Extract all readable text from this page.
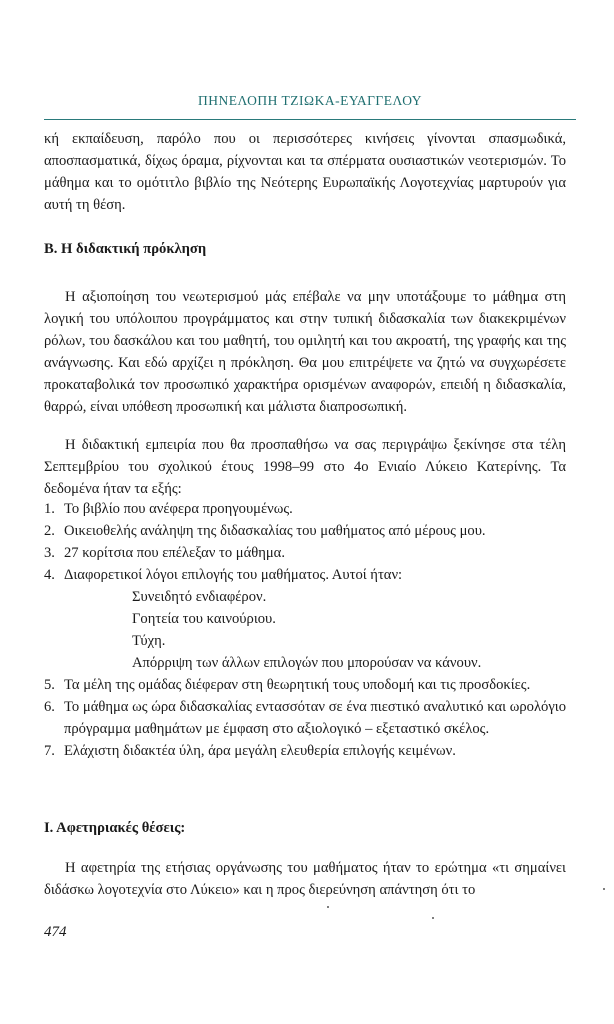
ΠΗΝΕΛΟΠΗ ΤΖΙΩΚΑ-ΕΥΑΓΓΕΛΟΥ

κή εκπαίδευση, παρόλο που οι περισσότερες κινήσεις γίνονται σπασμωδικά, αποσπασματικά, δίχως όραμα, ρίχνονται και τα σπέρματα ουσιαστικών νεοτερισμών. Το μάθημα και το ομότιτλο βιβλίο της Νεότερης Ευρωπαϊκής Λογοτεχνίας μαρτυρούν για αυτή τη θέση.

Β. Η διδακτική πρόκληση

Η αξιοποίηση του νεωτερισμού μάς επέβαλε να μην υποτάξουμε το μάθημα στη λογική του υπόλοιπου προγράμματος και στην τυπική διδασκαλία των διακεκριμένων ρόλων, του δασκάλου και του μαθητή, του ομιλητή και του ακροατή, της γραφής και της ανάγνωσης. Και εδώ αρχίζει η πρόκληση. Θα μου επιτρέψετε να ζητώ να συγχωρέσετε προκαταβολικά τον προσωπικό χαρακτήρα ορισμένων αναφορών, επειδή η διδασκαλία, θαρρώ, είναι υπόθεση προσωπική και μάλιστα διαπροσωπική.

Η διδακτική εμπειρία που θα προσπαθήσω να σας περιγράψω ξεκίνησε στα τέλη Σεπτεμβρίου του σχολικού έτους 1998–99 στο 4ο Ενιαίο Λύκειο Κατερίνης. Τα δεδομένα ήταν τα εξής:

1. Το βιβλίο που ανέφερα προηγουμένως.
2. Οικειοθελής ανάληψη της διδασκαλίας του μαθήματος από μέρους μου.
3. 27 κορίτσια που επέλεξαν το μάθημα.
4. Διαφορετικοί λόγοι επιλογής του μαθήματος. Αυτοί ήταν:
Συνειδητό ενδιαφέρον.
Γοητεία του καινούριου.
Τύχη.
Απόρριψη των άλλων επιλογών που μπορούσαν να κάνουν.
5. Τα μέλη της ομάδας διέφεραν στη θεωρητική τους υποδομή και τις προσδοκίες.
6. Το μάθημα ως ώρα διδασκαλίας εντασσόταν σε ένα πιεστικό αναλυτικό και ωρολόγιο πρόγραμμα μαθημάτων με έμφαση στο αξιολογικό – εξεταστικό σκέλος.
7. Ελάχιστη διδακτέα ύλη, άρα μεγάλη ελευθερία επιλογής κειμένων.
Ι. Αφετηριακές θέσεις:

Η αφετηρία της ετήσιας οργάνωσης του μαθήματος ήταν το ερώτημα «τι σημαίνει διδάσκω λογοτεχνία στο Λύκειο» και η προς διερεύνηση απάντηση ότι το

474
